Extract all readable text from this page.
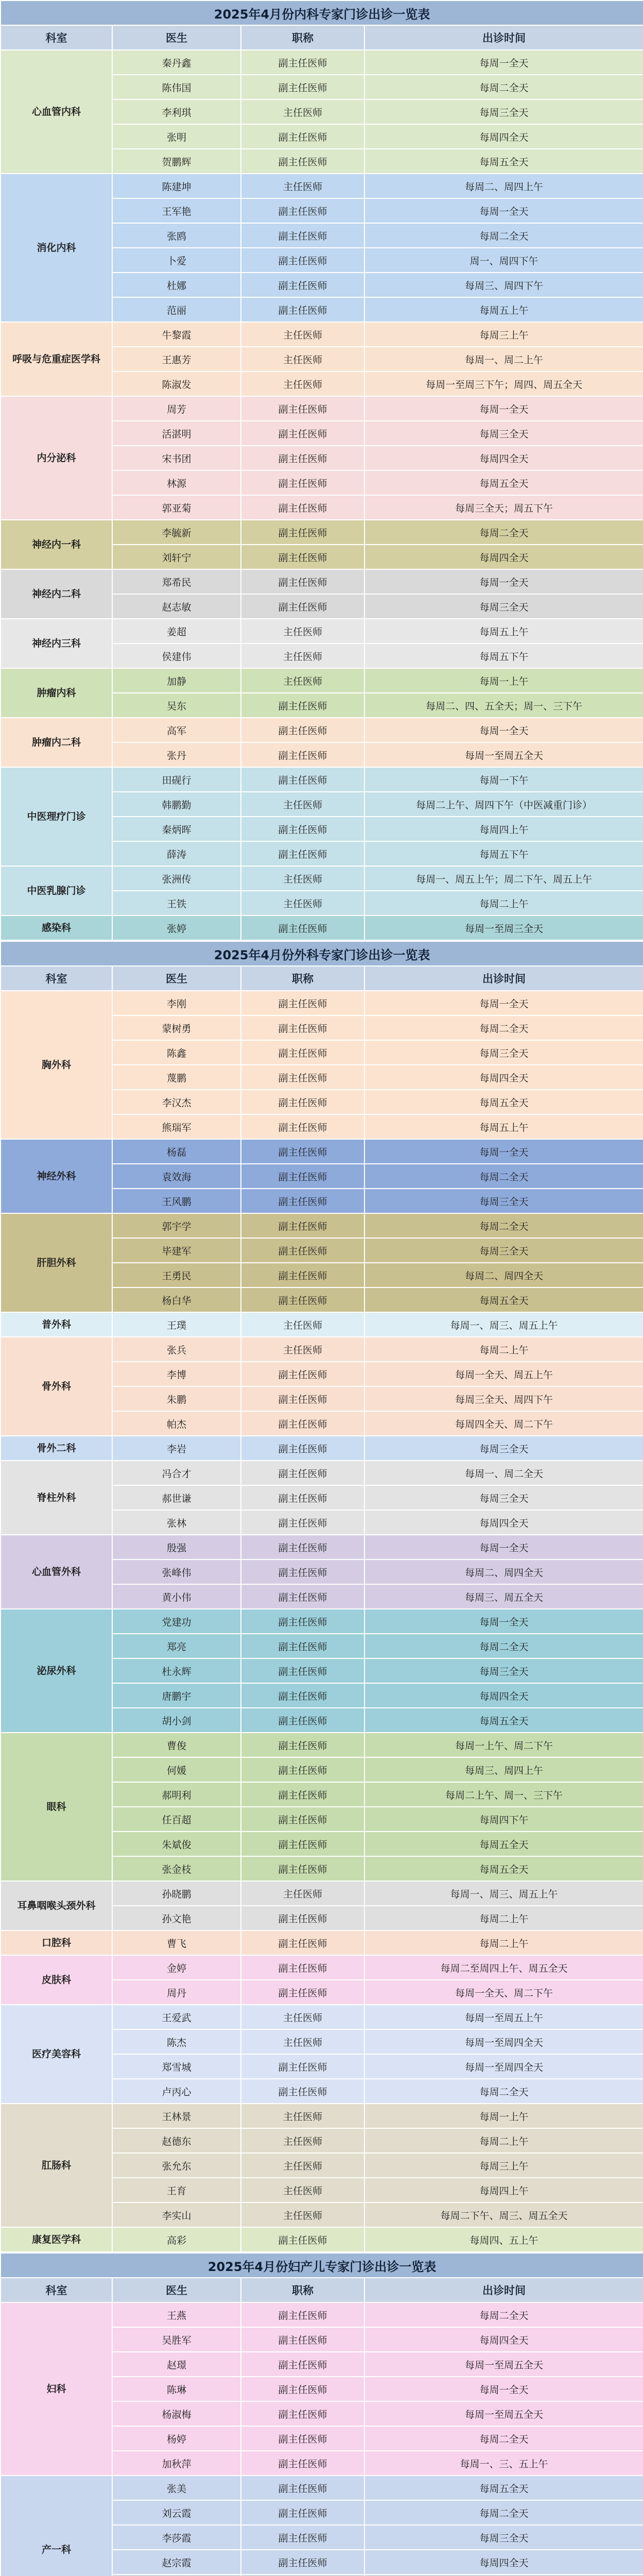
2025年4月份内科专家门诊出诊一览表			
科室	医生	职称	出诊时间
心血管内科	秦丹鑫	副主任医师	每周一全天
	陈伟国	副主任医师	每周二全天
	李利琪	主任医师	每周三全天
	张明	副主任医师	每周四全天
	贺鹏辉	副主任医师	每周五全天
消化内科	陈建坤	主任医师	每周二、周四上午
	王军艳	副主任医师	每周一全天
	张鸥	副主任医师	每周二全天
	卜爱	副主任医师	周一、周四下午
	杜娜	副主任医师	每周三、周四下午
	范丽	副主任医师	每周五上午
呼吸与危重症医学科	牛黎霞	主任医师	每周三上午
	王惠芳	主任医师	每周一、周二上午
	陈淑发	主任医师	每周一至周三下午；周四、周五全天
内分泌科	周芳	副主任医师	每周一全天
	活湛明	副主任医师	每周三全天
	宋书团	副主任医师	每周四全天
	林源	副主任医师	每周五全天
	郭亚菊	副主任医师	每周三全天；周五下午
神经内一科	李毓新	副主任医师	每周二全天
	刘轩宁	副主任医师	每周四全天
神经内二科	郑希民	副主任医师	每周一全天
	赵志敏	副主任医师	每周三全天
神经内三科	姜超	主任医师	每周五上午
	侯建伟	主任医师	每周五下午
肿瘤内科	加静	主任医师	每周一上午
	吴东	副主任医师	每周二、四、五全天；周一、三下午
肿瘤内二科	高军	副主任医师	每周一全天
	张丹	副主任医师	每周一至周五全天
中医理疗门诊	田砚行	副主任医师	每周一下午
	韩鹏勤	主任医师	每周二上午、周四下午（中医减重门诊）
	秦炳晖	副主任医师	每周四上午
	薛涛	副主任医师	每周五下午
中医乳腺门诊	张洲传	主任医师	每周一、周五上午；周二下午、周五上午
	王铁	主任医师	每周二上午
感染科	张婷	副主任医师	每周一至周三全天
2025年4月份外科专家门诊出诊一览表			
科室	医生	职称	出诊时间
胸外科	李刚	副主任医师	每周一全天
	蒙树勇	副主任医师	每周二全天
	陈鑫	副主任医师	每周三全天
	蔑鹏	副主任医师	每周四全天
	李汉杰	副主任医师	每周五全天
	熊瑞军	副主任医师	每周五上午
神经外科	杨磊	副主任医师	每周一全天
	袁效海	副主任医师	每周二全天
	王风鹏	副主任医师	每周三全天
肝胆外科	郭宇学	副主任医师	每周二全天
	毕建军	副主任医师	每周三全天
	王勇民	副主任医师	每周二、周四全天
	杨白华	副主任医师	每周五全天
普外科	王璞	主任医师	每周一、周三、周五上午
骨外科	张兵	主任医师	每周二上午
	李博	副主任医师	每周一全天、周五上午
	朱鹏	副主任医师	每周三全天、周四下午
	帕杰	副主任医师	每周四全天、周二下午
骨外二科	李岩	副主任医师	每周三全天
脊柱外科	冯合才	副主任医师	每周一、周二全天
	郝世谦	副主任医师	每周三全天
	张林	副主任医师	每周四全天
心血管外科	殷强	副主任医师	每周一全天
	张峰伟	副主任医师	每周二、周四全天
	黄小伟	副主任医师	每周三、周五全天
泌尿外科	党建功	副主任医师	每周一全天
	郑亮	副主任医师	每周二全天
	杜永辉	副主任医师	每周三全天
	唐鹏宇	副主任医师	每周四全天
	胡小剑	副主任医师	每周五全天
眼科	曹俊	副主任医师	每周一上午、周二下午
	何媛	副主任医师	每周三、周四上午
	郝明利	副主任医师	每周二上午、周一、三下午
	任百超	副主任医师	每周四下午
	朱斌俊	副主任医师	每周五全天
	张金枝	副主任医师	每周五全天
耳鼻咽喉头颈外科	孙晓鹏	主任医师	每周一、周三、周五上午
	孙文艳	副主任医师	每周二上午
口腔科	曹飞	副主任医师	每周二上午
皮肤科	金婷	副主任医师	每周二至周四上午、周五全天
	周丹	副主任医师	每周一全天、周二下午
医疗美容科	王爱武	主任医师	每周一至周五上午
	陈杰	主任医师	每周一至周四全天
	郑雪城	副主任医师	每周一至周四全天
	卢丙心	副主任医师	每周二全天
肛肠科	王林景	主任医师	每周一上午
	赵德东	主任医师	每周二上午
	张允东	主任医师	每周三上午
	王育	主任医师	每周四上午
	李实山	主任医师	每周二下午、周三、周五全天
康复医学科	高彩	副主任医师	每周四、五上午
2025年4月份妇产儿专家门诊出诊一览表			
科室	医生	职称	出诊时间
妇科	王燕	副主任医师	每周二全天
	吴胜军	副主任医师	每周四全天
	赵璟	副主任医师	每周一至周五全天
	陈琳	副主任医师	每周一全天
	杨淑梅	副主任医师	每周一至周五全天
	杨婷	副主任医师	每周二全天
	加秋萍	副主任医师	每周一、三、五上午
产一科	张美	副主任医师	每周五全天
	刘云霞	副主任医师	每周二全天
	李莎霞	副主任医师	每周三全天
	赵宗霞	副主任医师	每周四全天
